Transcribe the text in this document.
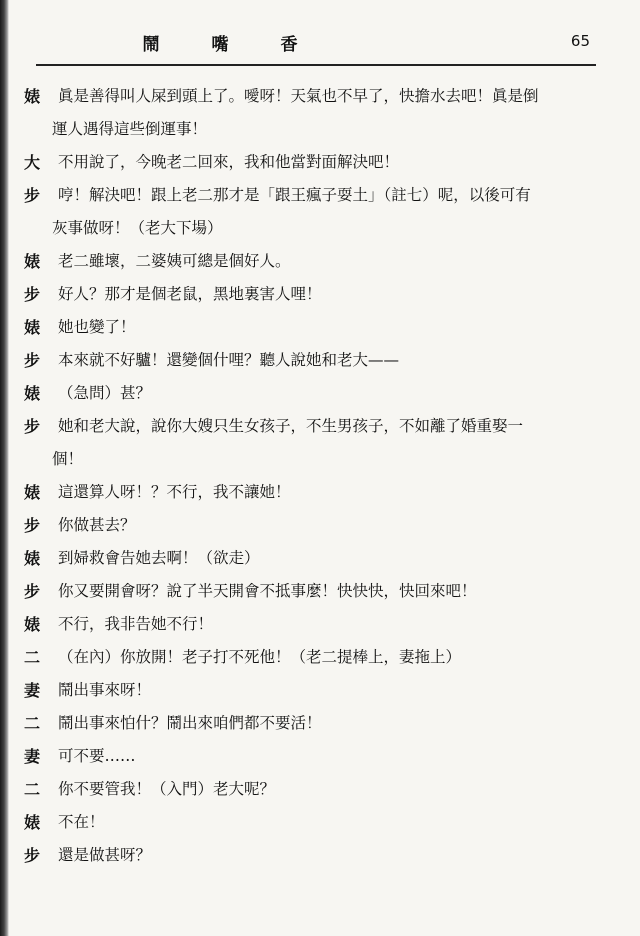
鬧嘴香	65
婊	眞是善得叫人屎到頭上了。噯呀！天氣也不早了，快擔水去吧！眞是倒
運人遇得這些倒運事！
大	不用說了，今晚老二回來，我和他當對面解決吧！
步	哼！解決吧！跟上老二那才是「跟王瘋子耍土」（註七）呢，以後可有
灰事做呀！（老大下場）
婊	老二雖壞，二婆姨可總是個好人。
步	好人？那才是個老鼠，黑地裏害人哩！
婊	她也變了！
步	本來就不好驢！還變個什哩？聽人說她和老大——
婊	（急問）甚？
步	她和老大說，說你大嫂只生女孩子，不生男孩子，不如離了婚重娶一
個！
婊	這還算人呀！？不行，我不讓她！
步	你做甚去？
婊	到婦救會告她去啊！（欲走）
步	你又要開會呀？說了半天開會不抵事麼！快快快，快回來吧！
婊	不行，我非告她不行！
二	（在內）你放開！老子打不死他！（老二提棒上，妻拖上）
妻	鬧出事來呀！
二	鬧出事來怕什？鬧出來咱們都不要活！
妻	可不要……
二	你不要管我！（入門）老大呢？
婊	不在！
步	還是做甚呀？
